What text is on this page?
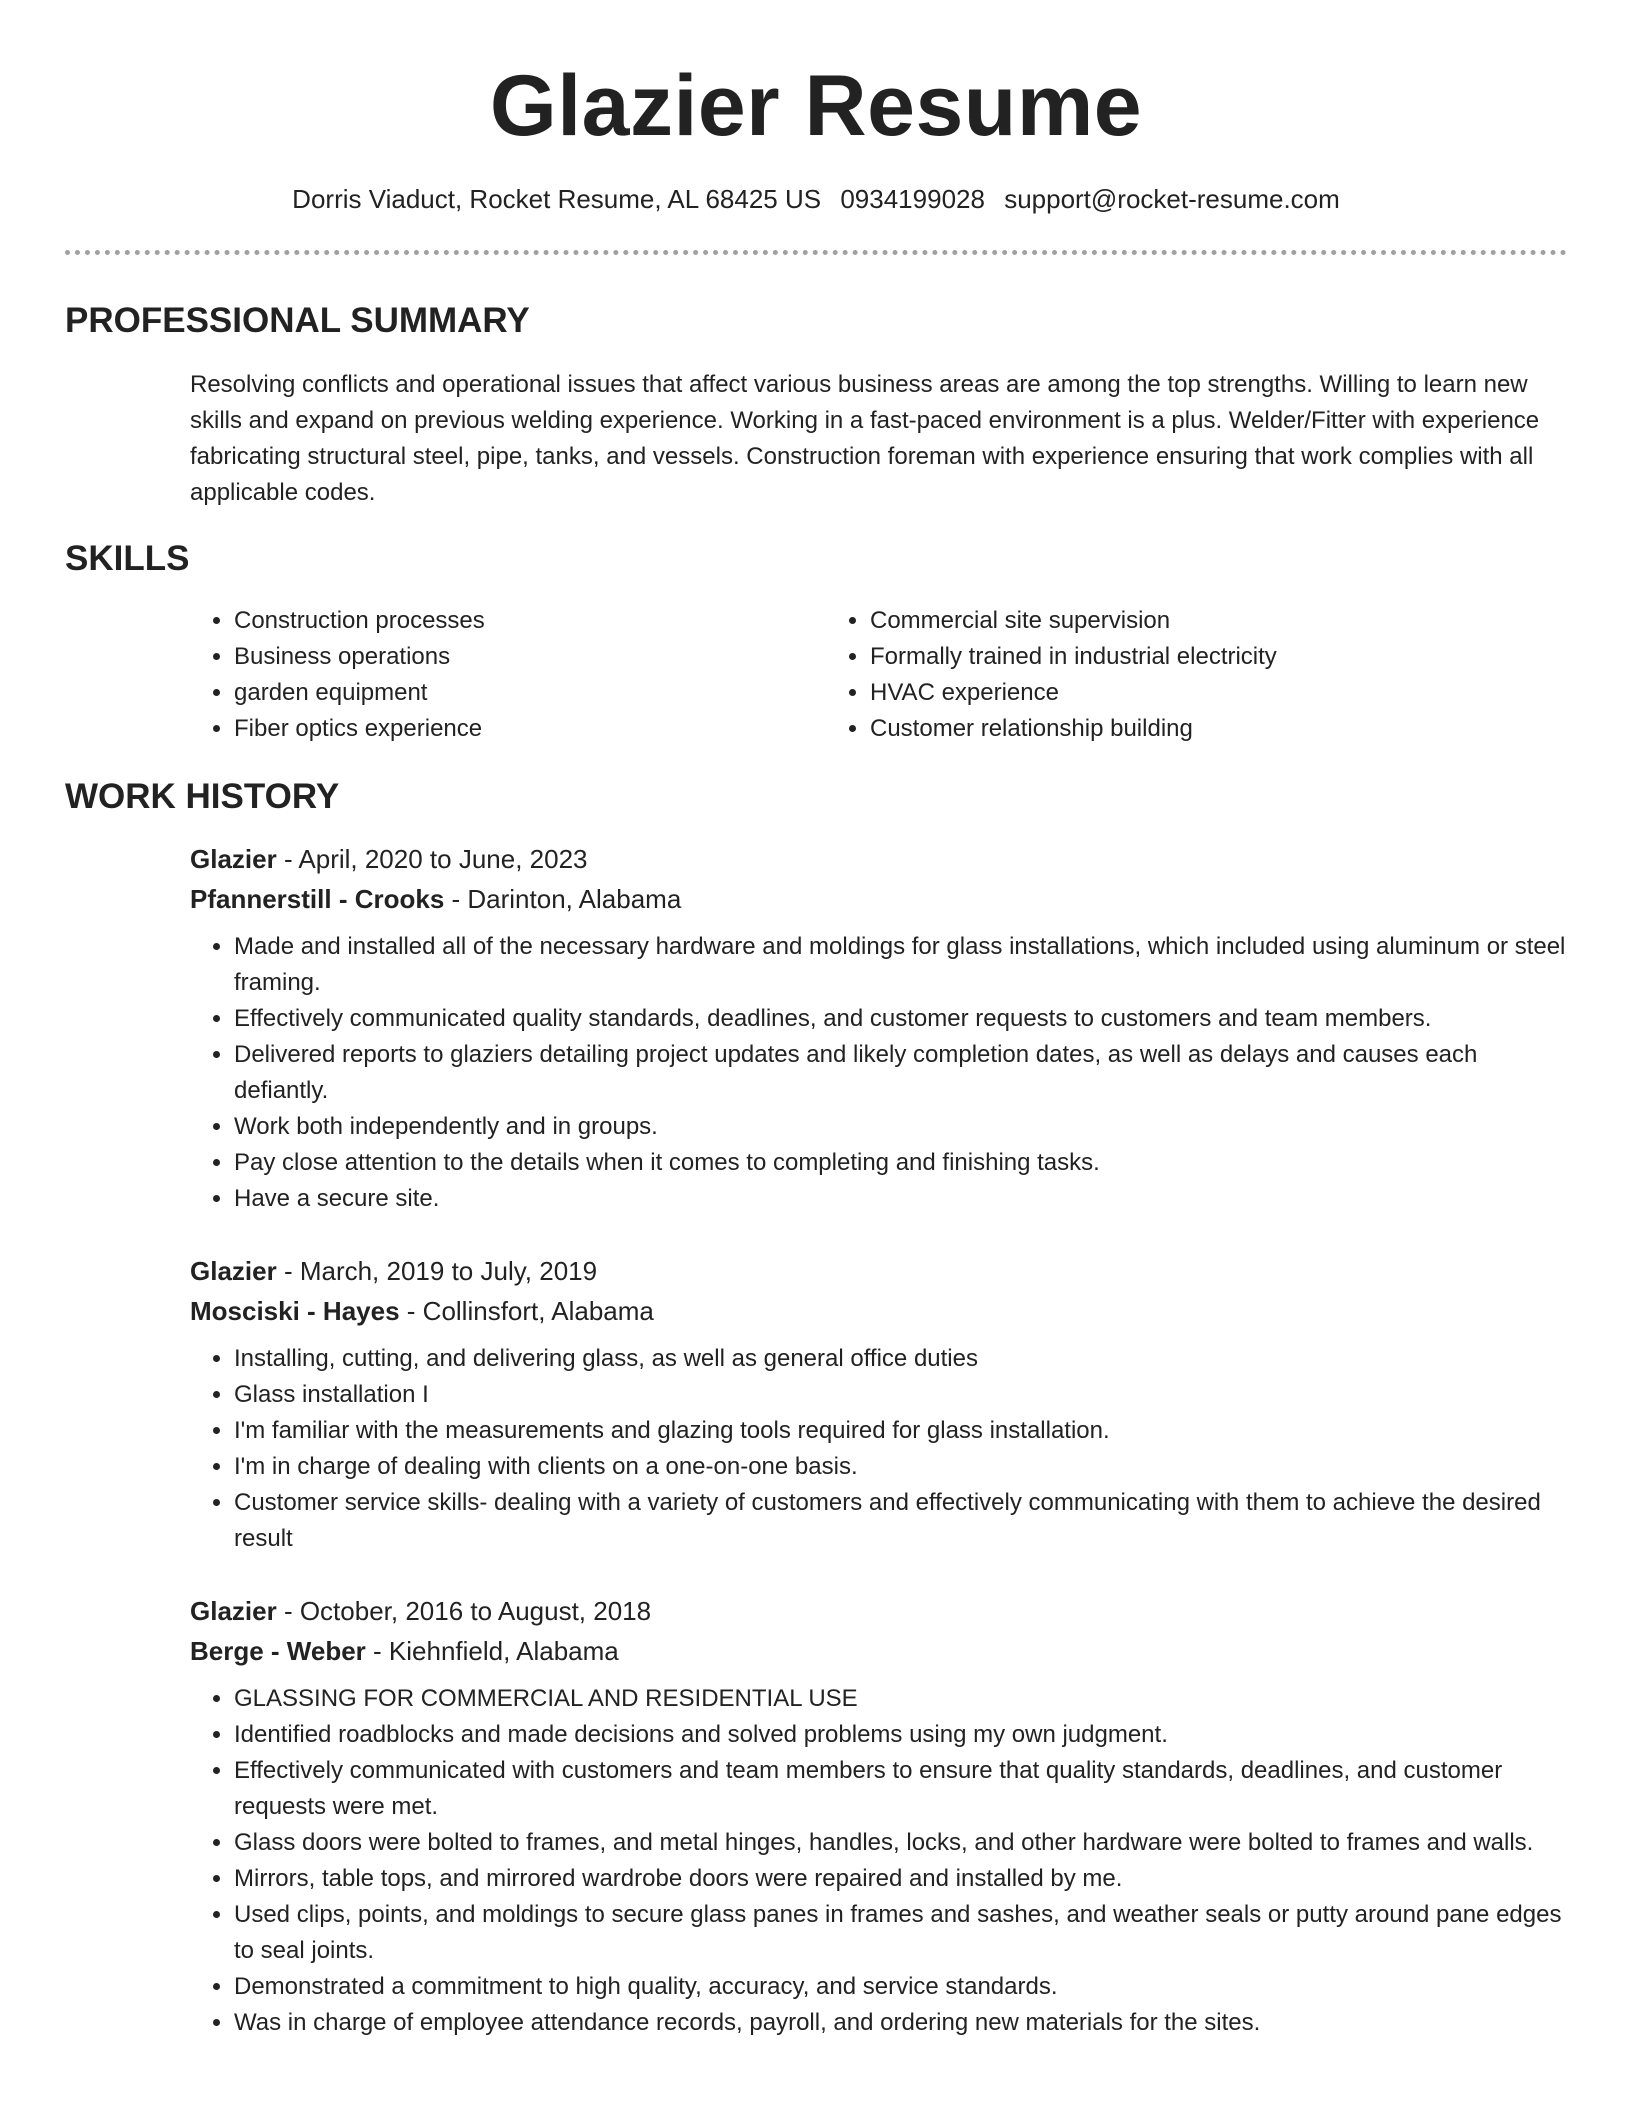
Glazier Resume
Dorris Viaduct, Rocket Resume, AL 68425 US 0934199028 support@rocket-resume.com
PROFESSIONAL SUMMARY

Resolving conflicts and operational issues that affect various business areas are among the top strengths. Willing to learn new skills and expand on previous welding experience. Working in a fast-paced environment is a plus. Welder/Fitter with experience fabricating structural steel, pipe, tanks, and vessels. Construction foreman with experience ensuring that work complies with all applicable codes.

SKILLS
• Construction processes
• Business operations
• garden equipment
• Fiber optics experience
• Commercial site supervision
• Formally trained in industrial electricity
• HVAC experience
• Customer relationship building
WORK HISTORY
Glazier - April, 2020 to June, 2023
Pfannerstill - Crooks - Darinton, Alabama
• Made and installed all of the necessary hardware and moldings for glass installations, which included using aluminum or steel framing.
• Effectively communicated quality standards, deadlines, and customer requests to customers and team members.
• Delivered reports to glaziers detailing project updates and likely completion dates, as well as delays and causes each defiantly.
• Work both independently and in groups.
• Pay close attention to the details when it comes to completing and finishing tasks.
• Have a secure site.
Glazier - March, 2019 to July, 2019
Mosciski - Hayes - Collinsfort, Alabama
• Installing, cutting, and delivering glass, as well as general office duties
• Glass installation I
• I'm familiar with the measurements and glazing tools required for glass installation.
• I'm in charge of dealing with clients on a one-on-one basis.
• Customer service skills- dealing with a variety of customers and effectively communicating with them to achieve the desired result
Glazier - October, 2016 to August, 2018
Berge - Weber - Kiehnfield, Alabama
• GLASSING FOR COMMERCIAL AND RESIDENTIAL USE
• Identified roadblocks and made decisions and solved problems using my own judgment.
• Effectively communicated with customers and team members to ensure that quality standards, deadlines, and customer requests were met.
• Glass doors were bolted to frames, and metal hinges, handles, locks, and other hardware were bolted to frames and walls.
• Mirrors, table tops, and mirrored wardrobe doors were repaired and installed by me.
• Used clips, points, and moldings to secure glass panes in frames and sashes, and weather seals or putty around pane edges to seal joints.
• Demonstrated a commitment to high quality, accuracy, and service standards.
• Was in charge of employee attendance records, payroll, and ordering new materials for the sites.
